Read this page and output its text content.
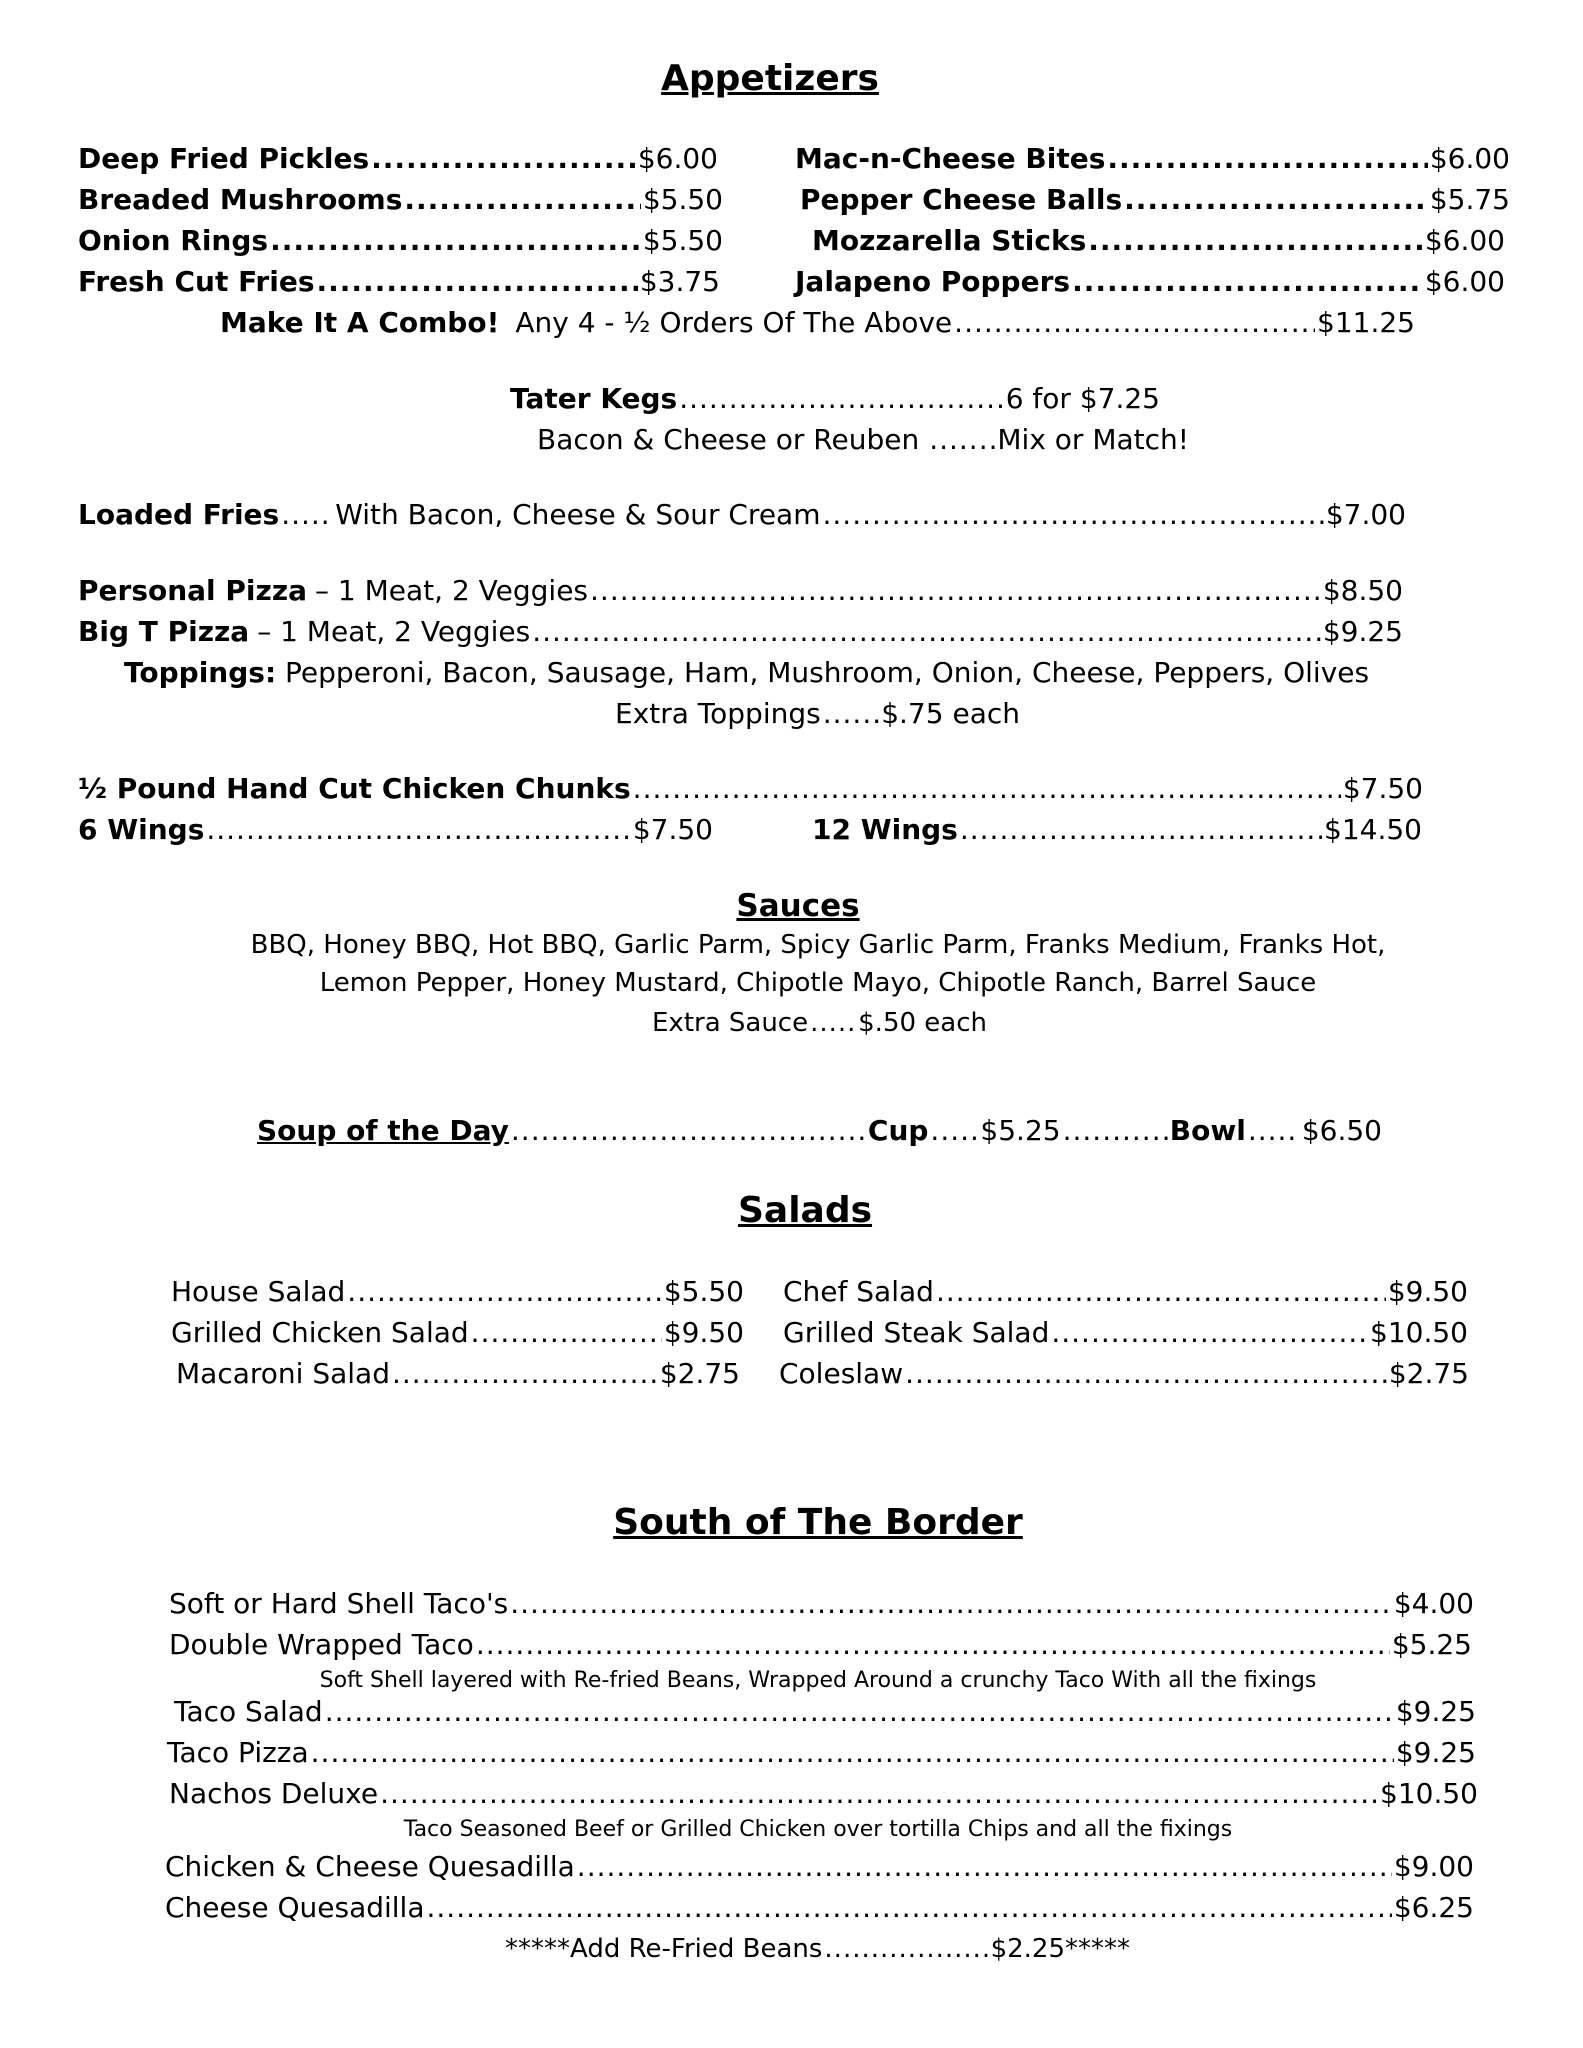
Appetizers
Deep Fried Pickles .....	$6.00
Breaded Mushrooms .....	$5.50
Onion Rings .....	$5.50
Fresh Cut Fries .....	$3.75
Mac-n-Cheese Bites .....	$6.00
Pepper Cheese Balls .....	$5.75
Mozzarella Sticks .....	$6.00
Jalapeno Poppers .....	$6.00
Make It A Combo! Any 4 - ½ Orders Of The Above .....	$11.25
Tater Kegs .....	6 for $7.25
Bacon & Cheese or Reuben .....	Mix or Match!
Loaded Fries ..... With Bacon, Cheese & Sour Cream .....	$7.00
Personal Pizza – 1 Meat, 2 Veggies .....	$8.50
Big T Pizza – 1 Meat, 2 Veggies .....	$9.25
Toppings: Pepperoni, Bacon, Sausage, Ham, Mushroom, Onion, Cheese, Peppers, Olives
Extra Toppings ..... $.75 each
½ Pound Hand Cut Chicken Chunks .....	$7.50
6 Wings .....	$7.50	12 Wings .....	$14.50
Sauces
BBQ, Honey BBQ, Hot BBQ, Garlic Parm, Spicy Garlic Parm, Franks Medium, Franks Hot,
Lemon Pepper, Honey Mustard, Chipotle Mayo, Chipotle Ranch, Barrel Sauce
Extra Sauce ..... $.50 each
Soup of the Day .....	Cup ..... $5.25 .....	Bowl ..... $6.50
Salads
House Salad .....	$5.50
Grilled Chicken Salad .....	$9.50
Macaroni Salad .....	$2.75
Chef Salad .....	$9.50
Grilled Steak Salad .....	$10.50
Coleslaw .....	$2.75
South of The Border
Soft or Hard Shell Taco's .....	$4.00
Double Wrapped Taco .....	$5.25
Soft Shell layered with Re-fried Beans, Wrapped Around a crunchy Taco With all the fixings
Taco Salad .....	$9.25
Taco Pizza .....	$9.25
Nachos Deluxe .....	$10.50
Taco Seasoned Beef or Grilled Chicken over tortilla Chips and all the fixings
Chicken & Cheese Quesadilla .....	$9.00
Cheese Quesadilla .....	$6.25
*****Add Re-Fried Beans .....	$2.25*****
